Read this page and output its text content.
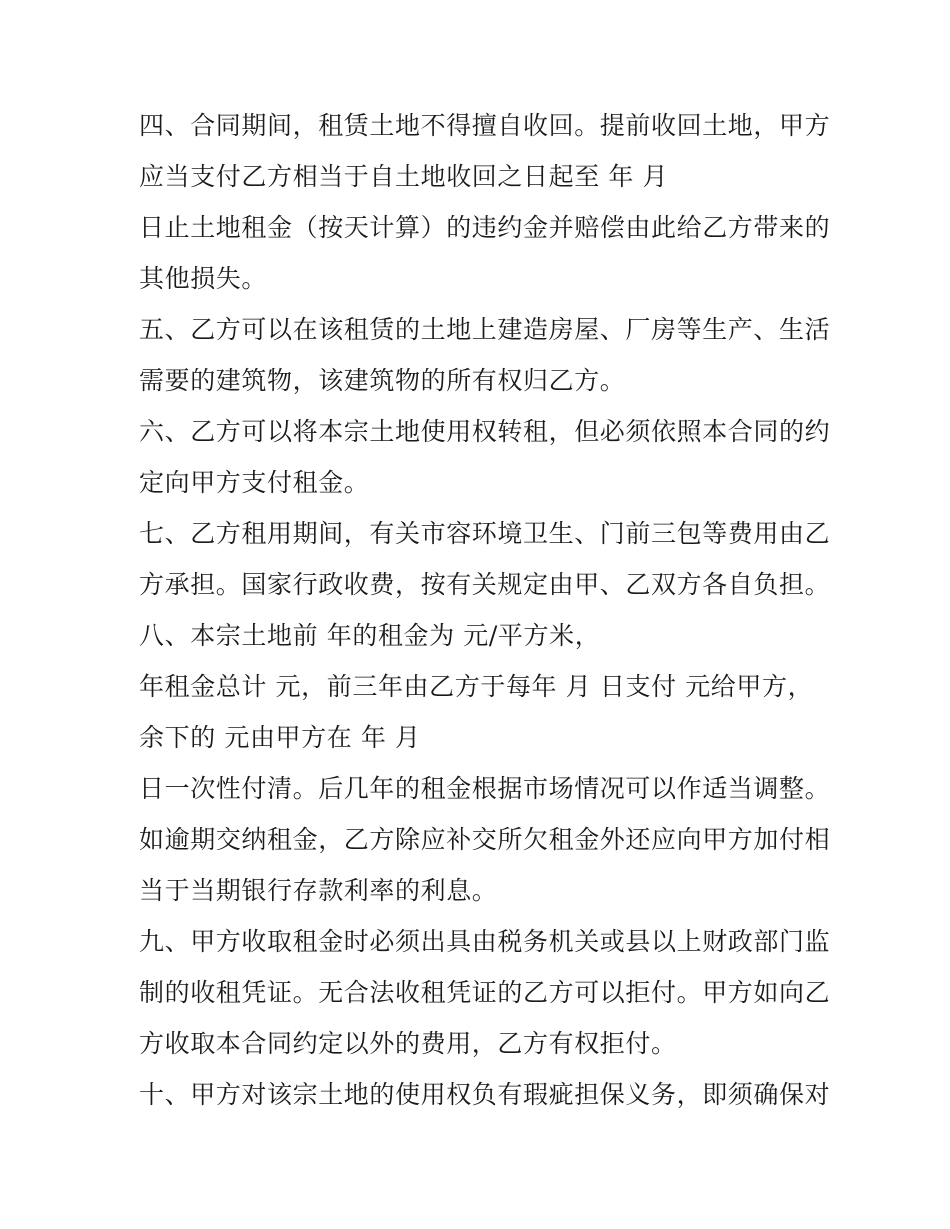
四、合同期间，租赁土地不得擅自收回。提前收回土地，甲方
应当支付乙方相当于自土地收回之日起至 年 月
日止土地租金（按天计算）的违约金并赔偿由此给乙方带来的
其他损失。
五、乙方可以在该租赁的土地上建造房屋、厂房等生产、生活
需要的建筑物，该建筑物的所有权归乙方。
六、乙方可以将本宗土地使用权转租，但必须依照本合同的约
定向甲方支付租金。
七、乙方租用期间，有关市容环境卫生、门前三包等费用由乙
方承担。国家行政收费，按有关规定由甲、乙双方各自负担。
八、本宗土地前 年的租金为 元/平方米，
年租金总计 元，前三年由乙方于每年 月 日支付 元给甲方，
余下的 元由甲方在 年 月
日一次性付清。后几年的租金根据市场情况可以作适当调整。
如逾期交纳租金，乙方除应补交所欠租金外还应向甲方加付相
当于当期银行存款利率的利息。
九、甲方收取租金时必须出具由税务机关或县以上财政部门监
制的收租凭证。无合法收租凭证的乙方可以拒付。甲方如向乙
方收取本合同约定以外的费用，乙方有权拒付。
十、甲方对该宗土地的使用权负有瑕疵担保义务，即须确保对
